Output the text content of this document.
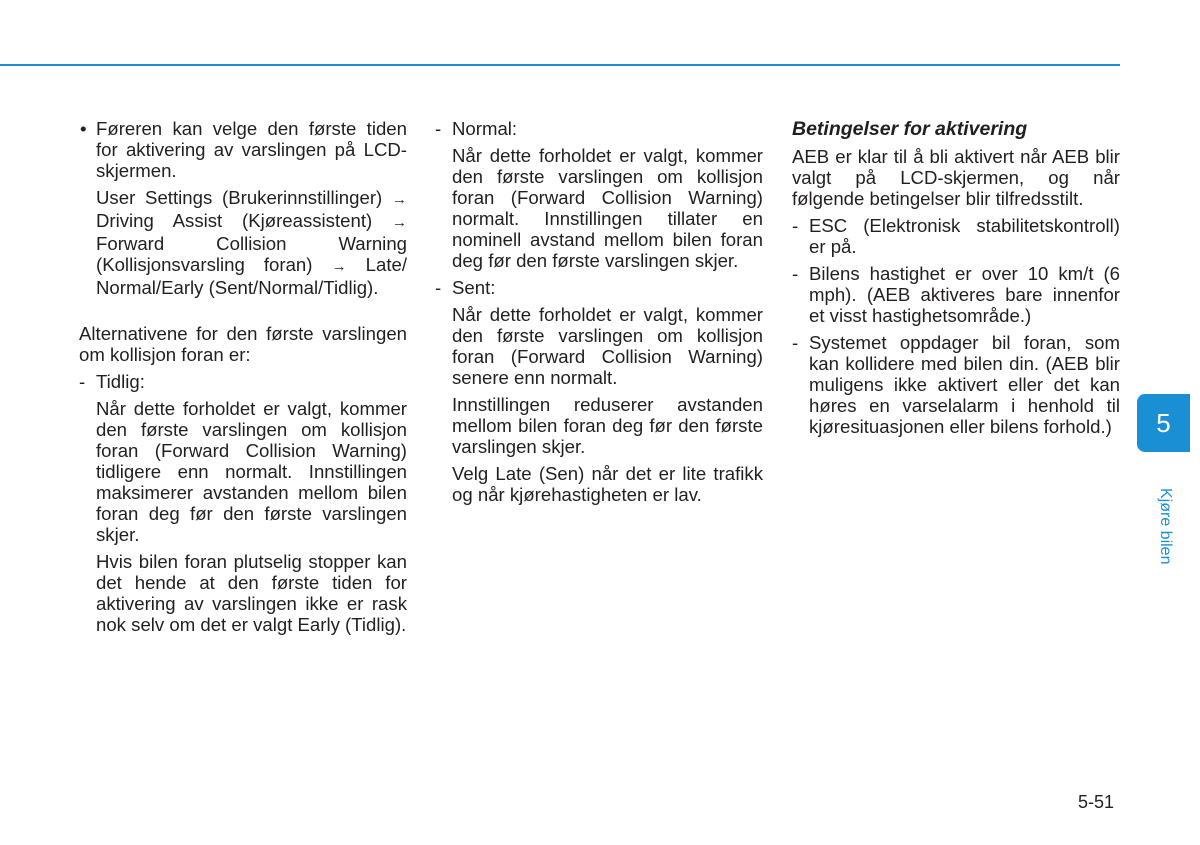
• Føreren kan velge den første tiden for aktivering av varslingen på LCD-skjermen.

User Settings (Brukerinnstillinger) → Driving Assist (Kjøreassistent) → Forward Collision Warning (Kollisjonsvarsling foran) → Late/ Normal/Early (Sent/Normal/Tidlig).

Alternativene for den første varslingen om kollisjon foran er:

- Tidlig:

Når dette forholdet er valgt, kommer den første varslingen om kollisjon foran (Forward Collision Warning) tidligere enn normalt. Innstillingen maksimerer avstanden mellom bilen foran deg før den første varslingen skjer.

Hvis bilen foran plutselig stopper kan det hende at den første tiden for aktivering av varslingen ikke er rask nok selv om det er valgt Early (Tidlig).

- Normal:

Når dette forholdet er valgt, kommer den første varslingen om kollisjon foran (Forward Collision Warning) normalt. Innstillingen tillater en nominell avstand mellom bilen foran deg før den første varslingen skjer.

- Sent:

Når dette forholdet er valgt, kommer den første varslingen om kollisjon foran (Forward Collision Warning) senere enn normalt.

Innstillingen reduserer avstanden mellom bilen foran deg før den første varslingen skjer.

Velg Late (Sen) når det er lite trafikk og når kjørehastigheten er lav.

Betingelser for aktivering

AEB er klar til å bli aktivert når AEB blir valgt på LCD-skjermen, og når følgende betingelser blir tilfredsstilt.

- ESC (Elektronisk stabilitetskontroll) er på.

- Bilens hastighet er over 10 km/t (6 mph). (AEB aktiveres bare innenfor et visst hastighetsområde.)

- Systemet oppdager bil foran, som kan kollidere med bilen din. (AEB blir muligens ikke aktivert eller det kan høres en varselalarm i henhold til kjøresituasjonen eller bilens forhold.)	5
Kjøre bilen
5-51
